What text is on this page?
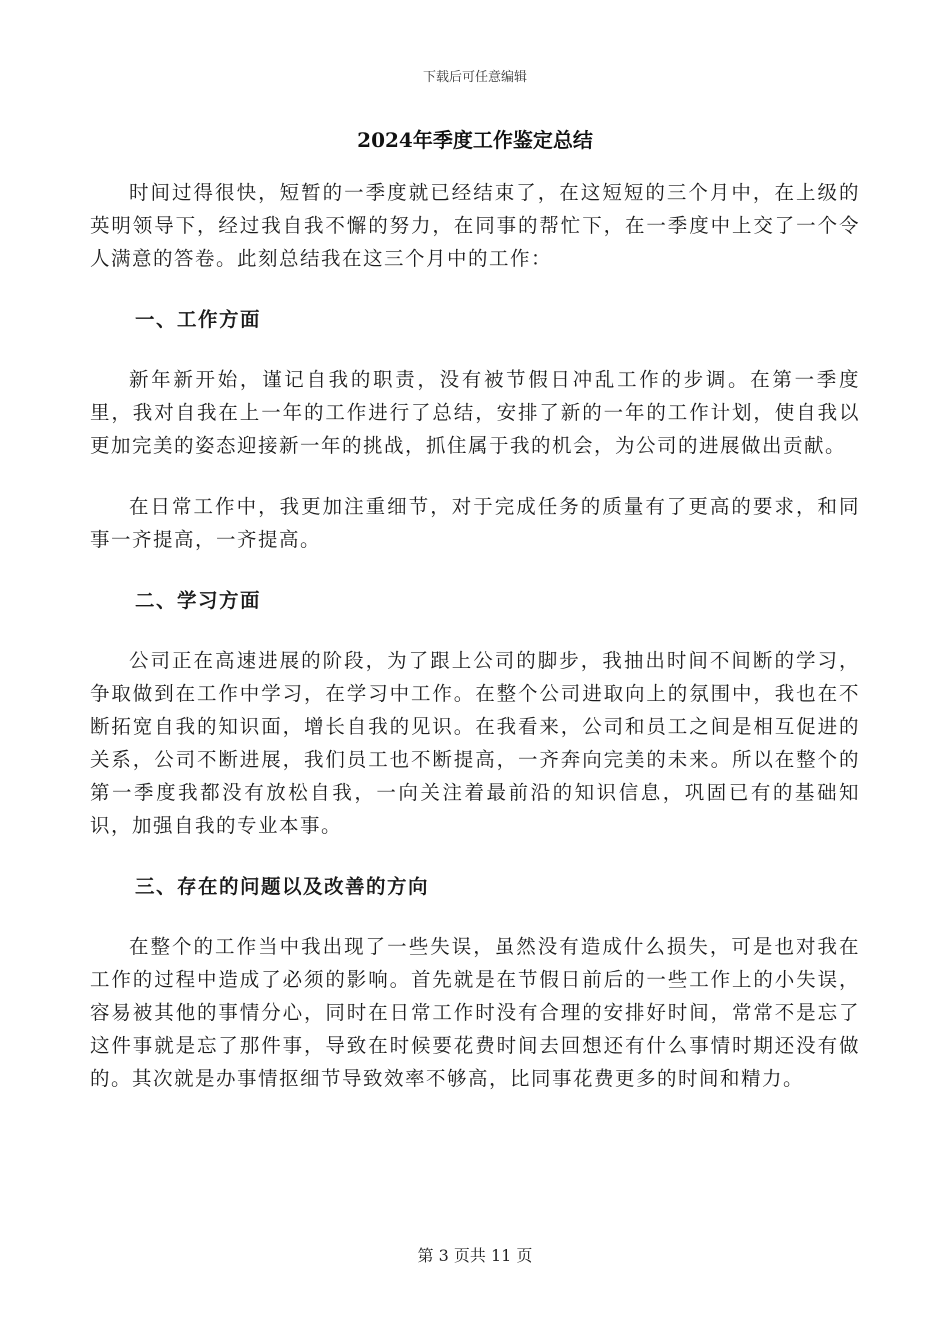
下载后可任意编辑
2024年季度工作鉴定总结

时间过得很快，短暂的一季度就已经结束了，在这短短的三个月中，在上级的英明领导下，经过我自我不懈的努力，在同事的帮忙下，在一季度中上交了一个令人满意的答卷。此刻总结我在这三个月中的工作：

一、工作方面

新年新开始，谨记自我的职责，没有被节假日冲乱工作的步调。在第一季度里，我对自我在上一年的工作进行了总结，安排了新的一年的工作计划，使自我以更加完美的姿态迎接新一年的挑战，抓住属于我的机会，为公司的进展做出贡献。

在日常工作中，我更加注重细节，对于完成任务的质量有了更高的要求，和同事一齐提高，一齐提高。

二、学习方面

公司正在高速进展的阶段，为了跟上公司的脚步，我抽出时间不间断的学习，争取做到在工作中学习，在学习中工作。在整个公司进取向上的氛围中，我也在不断拓宽自我的知识面，增长自我的见识。在我看来，公司和员工之间是相互促进的关系，公司不断进展，我们员工也不断提高，一齐奔向完美的未来。所以在整个的第一季度我都没有放松自我，一向关注着最前沿的知识信息，巩固已有的基础知识，加强自我的专业本事。

三、存在的问题以及改善的方向

在整个的工作当中我出现了一些失误，虽然没有造成什么损失，可是也对我在工作的过程中造成了必须的影响。首先就是在节假日前后的一些工作上的小失误，容易被其他的事情分心，同时在日常工作时没有合理的安排好时间，常常不是忘了这件事就是忘了那件事，导致在时候要花费时间去回想还有什么事情时期还没有做的。其次就是办事情抠细节导致效率不够高，比同事花费更多的时间和精力。

第 3 页共 11 页
